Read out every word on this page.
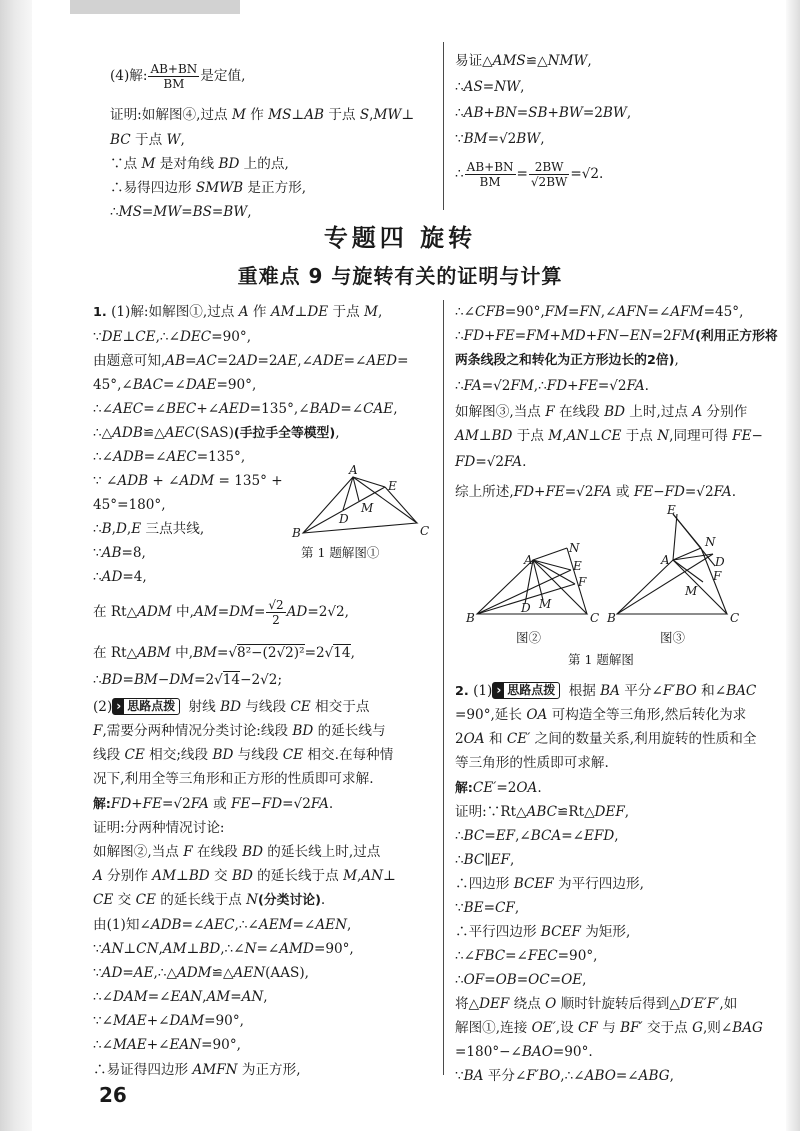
(4)解: $\frac{AB+BN}{BM}$ 是定值,
证明:如解图④,过点 M 作 MS⊥AB 于点 S,MW⊥
BC 于点 W,
∵点 M 是对角线 BD 上的点,
∴易得四边形 SMWB 是正方形,
∴MS=MW=BS=BW,
易证△AMS≌△NMW,
∴AS=NW,
∴AB+BN=SB+BW=2BW,
∵BM=√2BW,
∴ $\frac{AB+BN}{BM} = \frac{2BW}{√2BW} =√2$.
专题四 旋转
重难点 9 与旋转有关的证明与计算
1. (1)解:如解图①,过点 A 作 AM⊥DE 于点 M,
∵DE⊥CE,∴∠DEC=90°,
由题意可知,AB=AC=2AD=2AE,∠ADE=∠AED=
45°,∠BAC=∠DAE=90°,
∴∠AEC=∠BEC+∠AED=135°,∠BAD=∠CAE,
∴△ADB≌△AEC(SAS)(手拉手全等模型),
∴∠ADB=∠AEC=135°,
∵ ∠ADB + ∠ADM = 135° +
45°=180°,
∴B,D,E 三点共线,
∵AB=8,
∴AD=4,
在 Rt△ADM 中$,AM=DM= \frac{√2}{2} AD=2√2$,
在 Rt△ABM 中,BM=√8²−(2√2)²=2√14,
∴BD=BM−DM=2√14−2√2;
(2) › 思路点拨 射线 BD 与线段 CE 相交于点
F,需要分两种情况分类讨论:线段 BD 的延长线与
线段 CE 相交;线段 BD 与线段 CE 相交.在每种情
况下,利用全等三角形和正方形的性质即可求解.
解:FD+FE=√2FA 或 FE−FD=√2FA.
证明:分两种情况讨论:
如解图②,当点 F 在线段 BD 的延长线上时,过点
A 分别作 AM⊥BD 交 BD 的延长线于点 M,AN⊥
CE 交 CE 的延长线于点 N(分类讨论).
由(1)知∠ADB=∠AEC,∴∠AEM=∠AEN,
∵AN⊥CN,AM⊥BD,∴∠N=∠AMD=90°,
∵AD=AE,∴△ADM≌△AEN(AAS),
∴∠DAM=∠EAN,AM=AN,
∵∠MAE+∠DAM=90°,
∴∠MAE+∠EAN=90°,
∴易证得四边形 AMFN 为正方形,
∴∠CFB=90°,FM=FN,∠AFN=∠AFM=45°,
∴FD+FE=FM+MD+FN−EN=2FM(利用正方形将
两条线段之和转化为正方形边长的2倍),
∴FA=√2FM,∴FD+FE=√2FA.
如解图③,当点 F 在线段 BD 上时,过点 A 分别作
AM⊥BD 于点 M,AN⊥CE 于点 N,同理可得 FE−
FD=√2FA.
综上所述,FD+FE=√2FA 或 FE−FD=√2FA.
2. (1) › 思路点拨 根据 BA 平分∠F′BO 和∠BAC
=90°,延长 OA 可构造全等三角形,然后转化为求
2OA 和 CE′ 之间的数量关系,利用旋转的性质和全
等三角形的性质即可求解.
解:CE′=2OA.
证明:∵Rt△ABC≌Rt△DEF,
∴BC=EF,∠BCA=∠EFD,
∴BC∥EF,
∴四边形 BCEF 为平行四边形,
∵BE=CF,
∴平行四边形 BCEF 为矩形,
∴∠FBC=∠FEC=90°,
∴OF=OB=OC=OE,
将△DEF 绕点 O 顺时针旋转后得到△D′E′F′,如
解图①,连接 OE′,设 CF 与 BF′ 交于点 G,则∠BAG
=180°−∠BAO=90°.
∵BA 平分∠F′BO,∴∠ABO=∠ABG,
A
E
M
D
B	C
第 1 题解图①	N
A	E
F
M
D
B	C
E
N
A	D
F
M
B	C
图②	图③
第 1 题解图
26
